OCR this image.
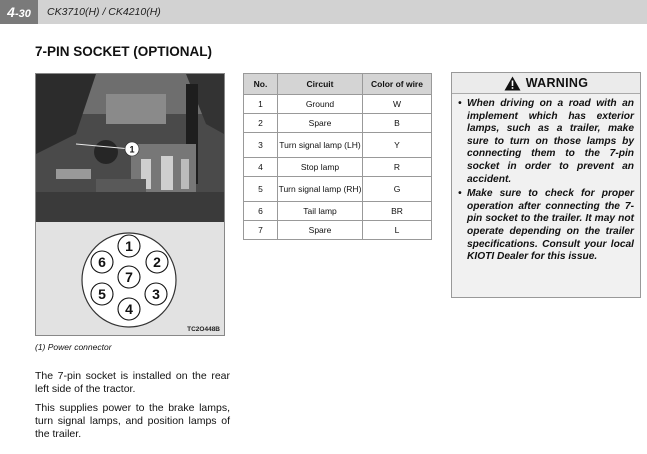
4-30	CK3710(H) / CK4210(H)
7-PIN SOCKET (OPTIONAL)
1
1
2
3
4
5
6
7
TC2O448B
(1) Power connector

The 7-pin socket is installed on the rear left side of the tractor.

This supplies power to the brake lamps, turn signal lamps, and position lamps of the trailer.

No.	Circuit	Color of wire
1	Ground	W
2	Spare	B
3	Turn signal lamp (LH)	Y
4	Stop lamp	R
5	Turn signal lamp (RH)	G
6	Tail lamp	BR
7	Spare	L
WARNING
• When driving on a road with an implement which has exterior lamps, such as a trailer, make sure to turn on those lamps by connecting them to the 7-pin socket in order to prevent an accident.
• Make sure to check for proper operation after connecting the 7-pin socket to the trailer. It may not operate depending on the trailer specifications. Consult your local KIOTI Dealer for this issue.
